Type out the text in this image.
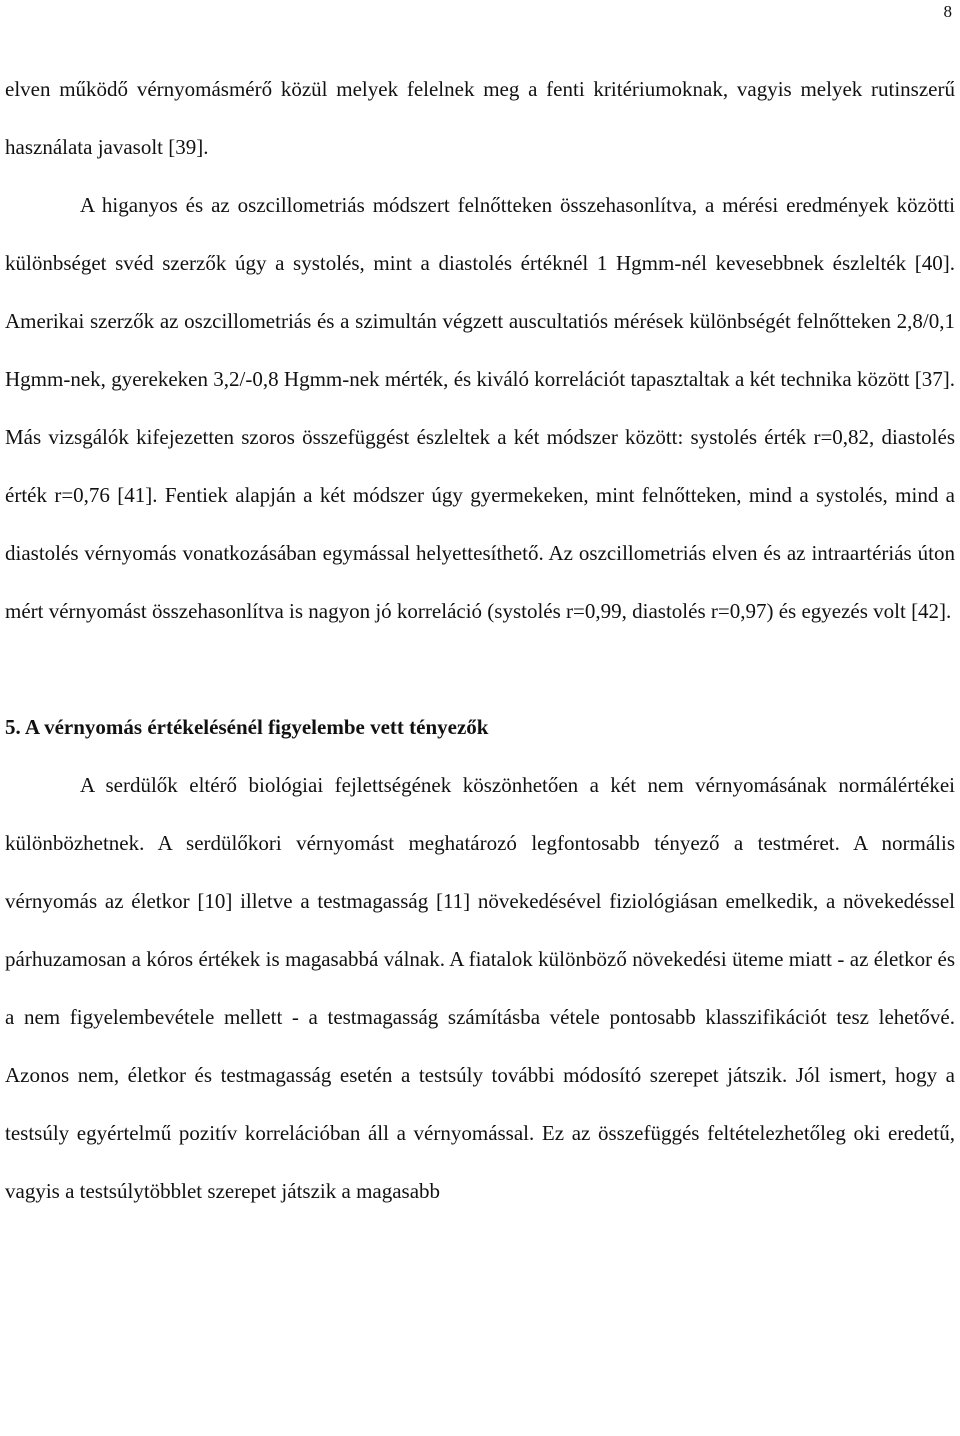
8

elven működő vérnyomásmérő közül melyek felelnek meg a fenti kritériumoknak, vagyis melyek rutinszerű használata javasolt [39].

A higanyos és az oszcillometriás módszert felnőtteken összehasonlítva, a mérési eredmények közötti különbséget svéd szerzők úgy a systolés, mint a diastolés értéknél 1 Hgmm-nél kevesebbnek észlelték [40]. Amerikai szerzők az oszcillometriás és a szimultán végzett auscultatiós mérések különbségét felnőtteken 2,8/0,1 Hgmm-nek, gyerekeken 3,2/-0,8 Hgmm-nek mérték, és kiváló korrelációt tapasztaltak a két technika között [37]. Más vizsgálók kifejezetten szoros összefüggést észleltek a két módszer között: systolés érték r=0,82, diastolés érték r=0,76 [41]. Fentiek alapján a két módszer úgy gyermekeken, mint felnőtteken, mind a systolés, mind a diastolés vérnyomás vonatkozásában egymással helyettesíthető. Az oszcillometriás elven és az intraartériás úton mért vérnyomást összehasonlítva is nagyon jó korreláció (systolés r=0,99, diastolés r=0,97) és egyezés volt [42].

5. A vérnyomás értékelésénél figyelembe vett tényezők

A serdülők eltérő biológiai fejlettségének köszönhetően a két nem vérnyomásának normálértékei különbözhetnek. A serdülőkori vérnyomást meghatározó legfontosabb tényező a testméret. A normális vérnyomás az életkor [10] illetve a testmagasság [11] növekedésével fiziológiásan emelkedik, a növekedéssel párhuzamosan a kóros értékek is magasabbá válnak. A fiatalok különböző növekedési üteme miatt - az életkor és a nem figyelembevétele mellett - a testmagasság számításba vétele pontosabb klasszifikációt tesz lehetővé. Azonos nem, életkor és testmagasság esetén a testsúly további módosító szerepet játszik. Jól ismert, hogy a testsúly egyértelmű pozitív korrelációban áll a vérnyomással. Ez az összefüggés feltételezhetőleg oki eredetű, vagyis a testsúlytöbblet szerepet játszik a magasabb
